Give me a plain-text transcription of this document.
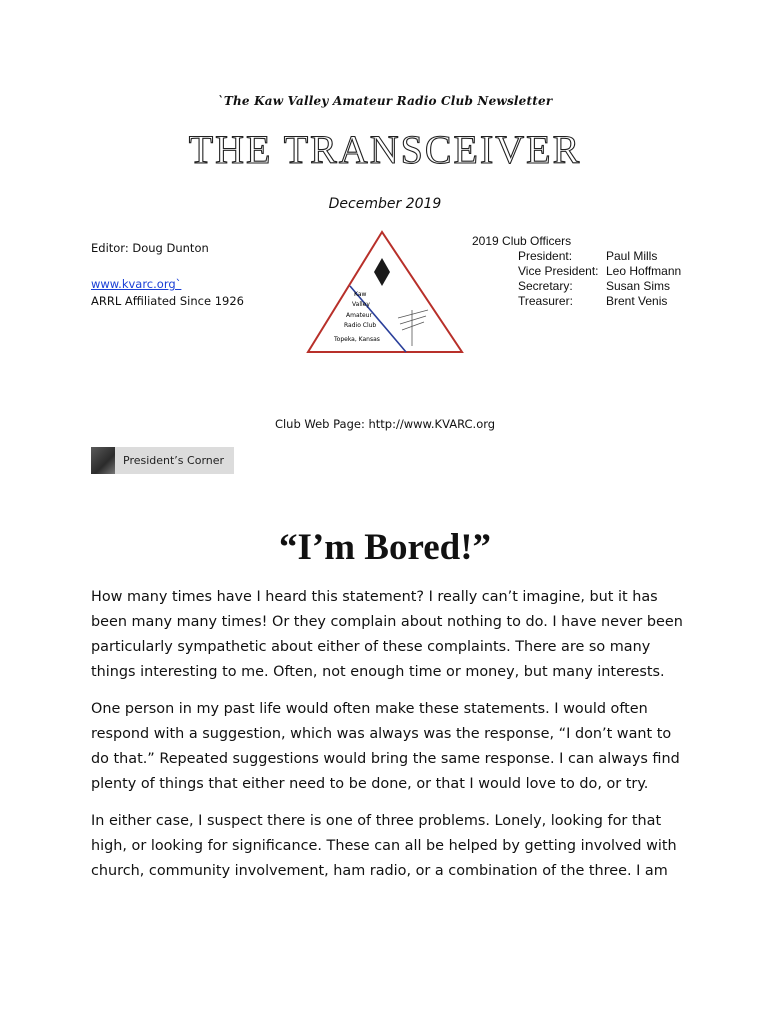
`The Kaw Valley Amateur Radio Club Newsletter
THE TRANSCEIVER
December 2019
Editor: Doug Dunton
www.kvarc.org`
ARRL Affiliated Since 1926	Kaw
Valley
Amateur
Radio Club
Topeka, Kansas
2019 Club Officers
President:	Paul Mills
Vice President: Leo Hoffmann
Secretary:	Susan Sims
Treasurer:	Brent Venis
Club Web Page: http://www.KVARC.org
President’s Corner
“I’m Bored!”

How many times have I heard this statement? I really can’t imagine, but it has been many many times! Or they complain about nothing to do. I have never been particularly sympathetic about either of these complaints. There are so many things interesting to me. Often, not enough time or money, but many interests.

One person in my past life would often make these statements. I would often respond with a suggestion, which was always was the response, “I don’t want to do that.” Repeated suggestions would bring the same response. I can always find plenty of things that either need to be done, or that I would love to do, or try.

In either case, I suspect there is one of three problems. Lonely, looking for that high, or looking for significance. These can all be helped by getting involved with church, community involvement, ham radio, or a combination of the three. I am
